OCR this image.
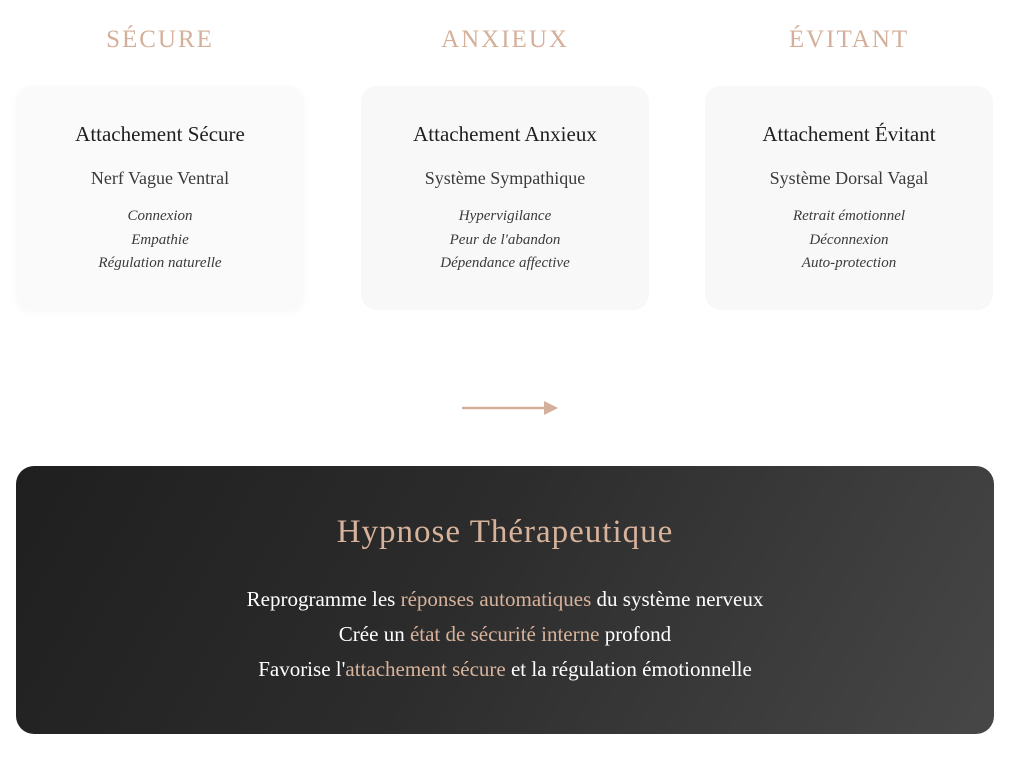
SÉCURE
Attachement Sécure
Nerf Vague Ventral
Connexion
Empathie
Régulation naturelle
ANXIEUX
Attachement Anxieux
Système Sympathique
Hypervigilance
Peur de l'abandon
Dépendance affective
ÉVITANT
Attachement Évitant
Système Dorsal Vagal
Retrait émotionnel
Déconnexion
Auto-protection
Hypnose Thérapeutique
Reprogramme les réponses automatiques du système nerveux
Crée un état de sécurité interne profond
Favorise l'attachement sécure et la régulation émotionnelle
